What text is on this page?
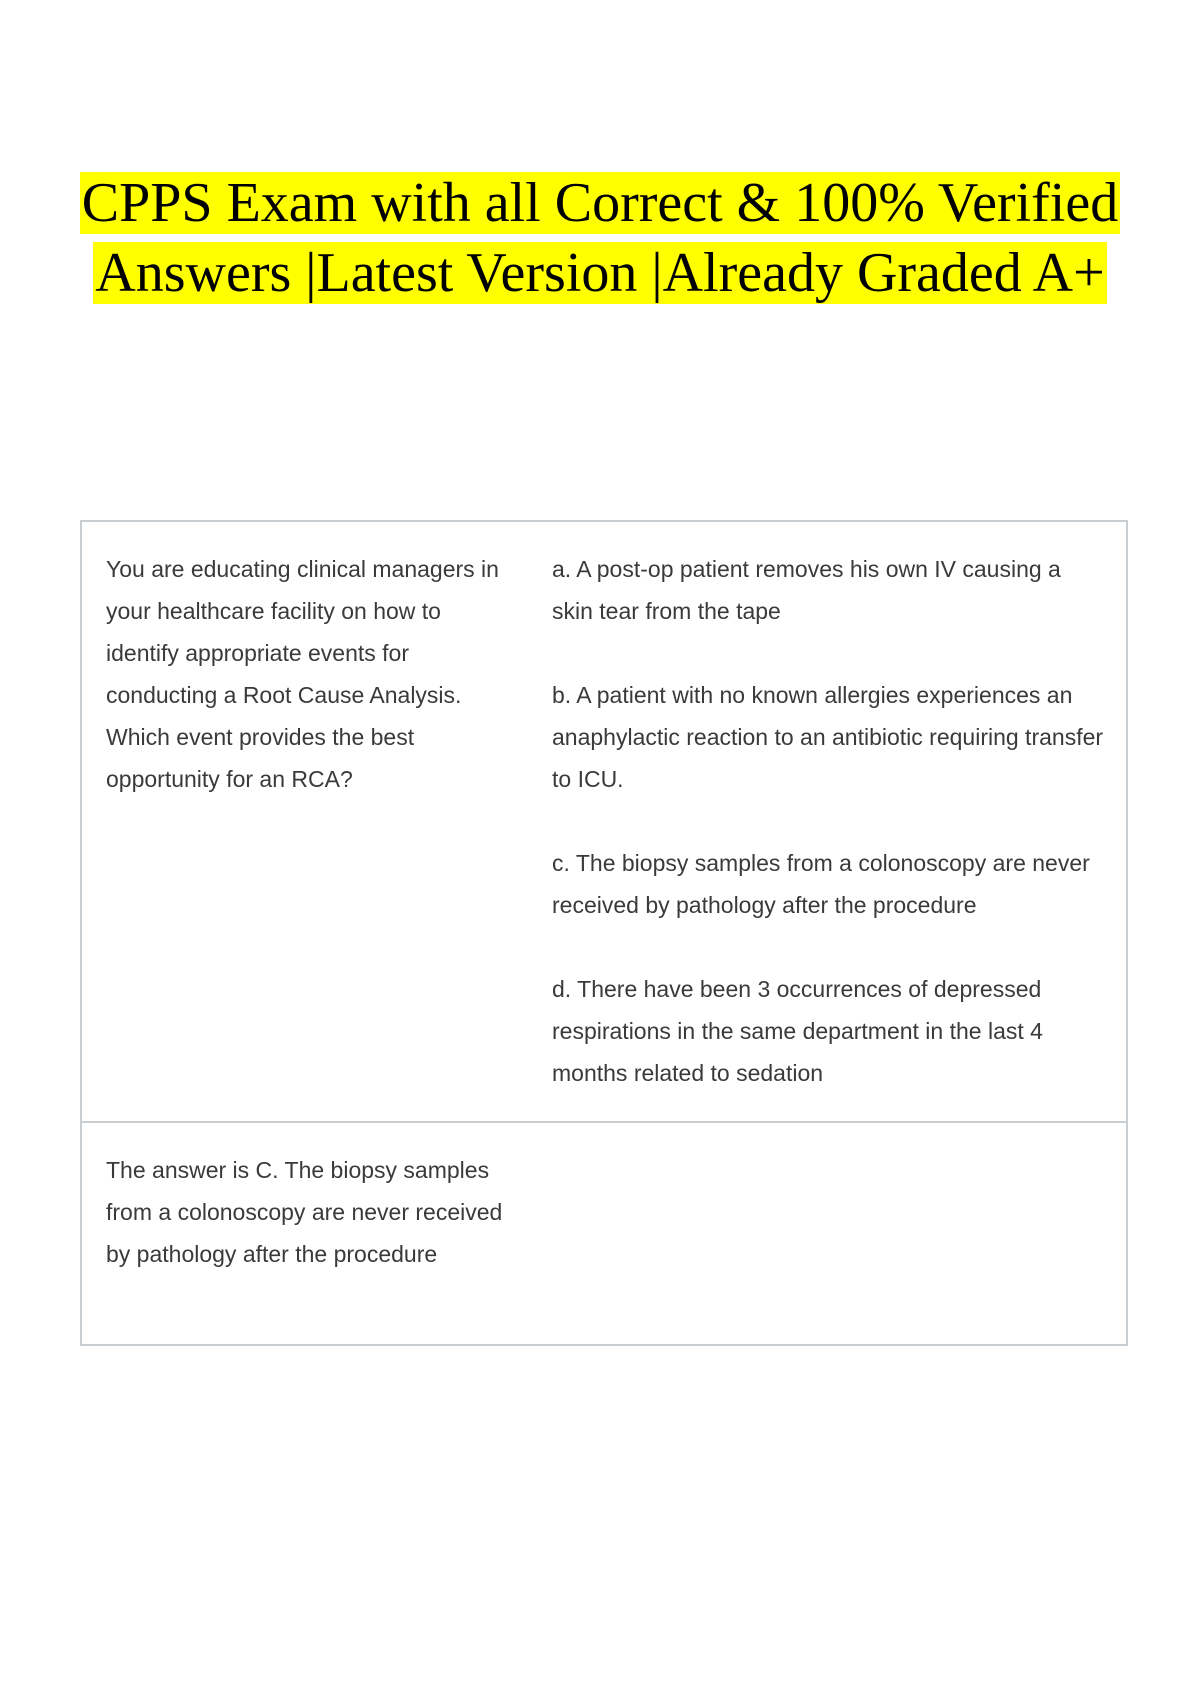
CPPS Exam with all Correct & 100% Verified
Answers |Latest Version |Already Graded A+
You are educating clinical managers in your healthcare facility on how to identify appropriate events for conducting a Root Cause Analysis. Which event provides the best opportunity for an RCA?

a. A post-op patient removes his own IV causing a skin tear from the tape

b. A patient with no known allergies experiences an anaphylactic reaction to an antibiotic requiring transfer to ICU.

c. The biopsy samples from a colonoscopy are never received by pathology after the procedure

d. There have been 3 occurrences of depressed respirations in the same department in the last 4 months related to sedation

The answer is C. The biopsy samples from a colonoscopy are never received by pathology after the procedure
